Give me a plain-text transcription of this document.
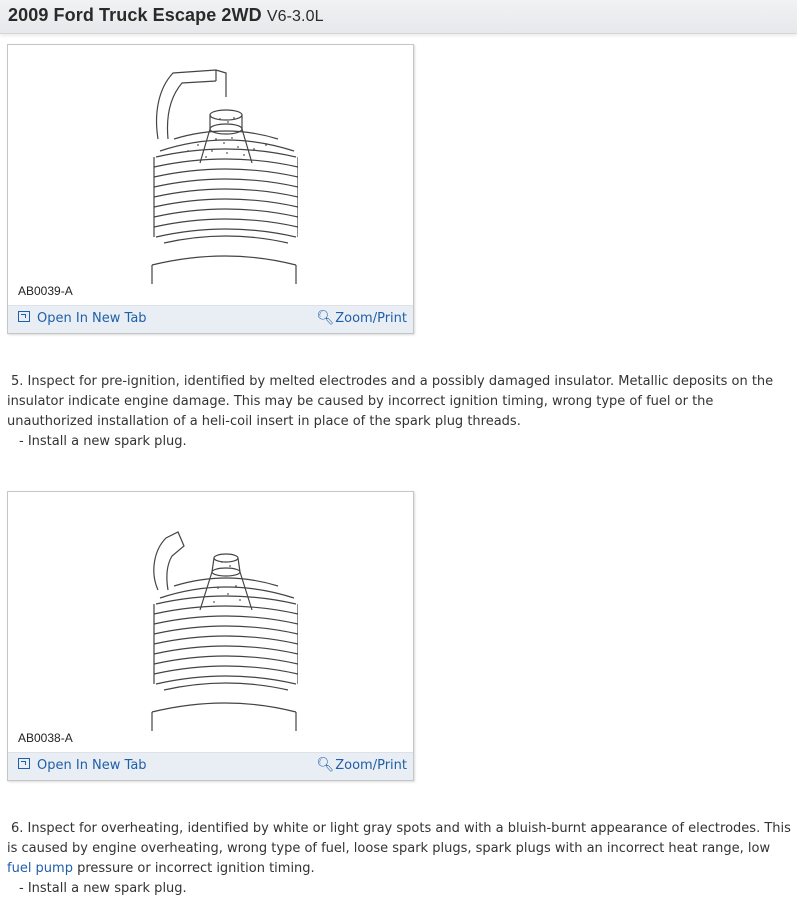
2009 Ford Truck Escape 2WD V6-3.0L
AB0039-A
Open In New Tab	🔍︎Zoom/Print
5. Inspect for pre-ignition, identified by melted electrodes and a possibly damaged insulator. Metallic deposits on the insulator indicate engine damage. This may be caused by incorrect ignition timing, wrong type of fuel or the unauthorized installation of a heli-coil insert in place of the spark plug threads.
- Install a new spark plug.
AB0038-A
Open In New Tab	🔍︎Zoom/Print
6. Inspect for overheating, identified by white or light gray spots and with a bluish-burnt appearance of electrodes. This is caused by engine overheating, wrong type of fuel, loose spark plugs, spark plugs with an incorrect heat range, low fuel pump pressure or incorrect ignition timing.
- Install a new spark plug.
